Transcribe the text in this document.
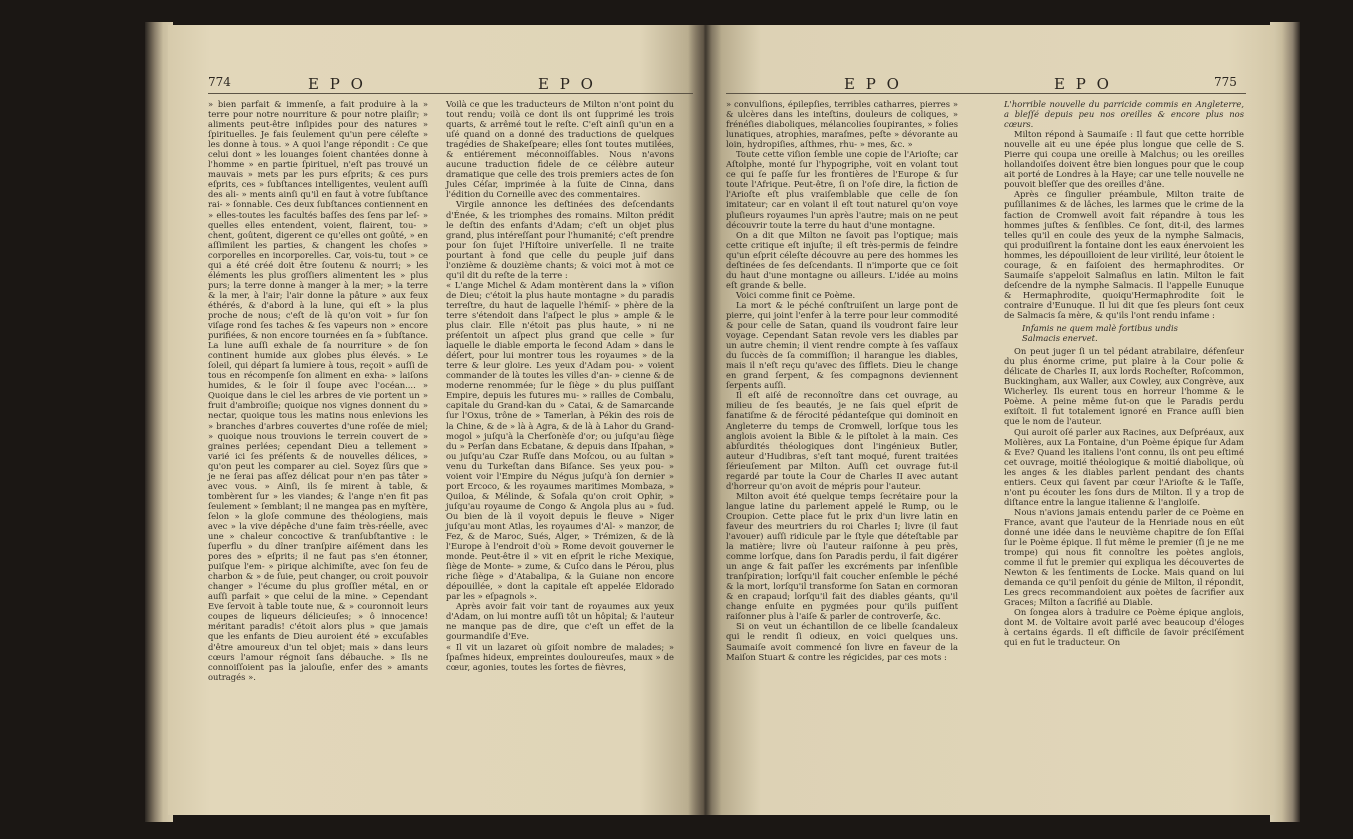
774	E P O	E P O

» bien parfait & immenſe, a fait produire à la » terre pour notre nourriture & pour notre plaiſir; » aliments peut-être inſipides pour des natures » ſpirituelles. Je fais ſeulement qu'un pere céleſte » les donne à tous. » A quoi l'ange répondit : Ce que celui dont » les louanges ſoient chantées donne à l'homme » en partie ſpirituel, n'eſt pas trouvé un mauvais » mets par les purs eſprits; & ces purs eſprits, ces » ſubſtances intelligentes, veulent auſſi des ali- » ments ainſi qu'il en faut à votre ſubſtance rai- » ſonnable. Ces deux ſubſtances contiennent en » elles-toutes les facultés baſſes des ſens par leſ- » quelles elles entendent, voient, flairent, tou- » chent, goûtent, digerent ce qu'elles ont goûté, » en aſſimilent les parties, & changent les choſes » corporelles en incorporelles. Car, vois-tu, tout » ce qui a été créé doit être ſoutenu & nourri; » les éléments les plus groſſiers alimentent les » plus purs; la terre donne à manger à la mer; » la terre & la mer, à l'air; l'air donne la pâture » aux feux éthérés, & d'abord à la lune, qui eſt » la plus proche de nous; c'eſt de là qu'on voit » ſur ſon viſage rond ſes taches & ſes vapeurs non » encore purifiées, & non encore tournées en ſa » ſubſtance. La lune auſſi exhale de ſa nourriture » de ſon continent humide aux globes plus élevés. » Le ſoleil, qui départ ſa lumiere à tous, reçoit » auſſi de tous en récompenſe ſon aliment en exha- » laiſons humides, & le ſoir il ſoupe avec l'océan.... » Quoique dans le ciel les arbres de vie portent un » fruit d'ambroiſie; quoique nos vignes donnent du » nectar, quoique tous les matins nous enlevions les » branches d'arbres couvertes d'une roſée de miel; » quoique nous trouvions le terrein couvert de » graines perlées; cependant Dieu a tellement » varié ici ſes préſents & de nouvelles délices, » qu'on peut les comparer au ciel. Soyez ſûrs que » je ne ſerai pas aſſez délicat pour n'en pas tâter » avec vous. » Ainſi, ils ſe mirent à table, & tombèrent ſur » les viandes; & l'ange n'en fit pas ſeulement » ſemblant; il ne mangea pas en myſtère, ſelon » la gloſe commune des théologiens, mais avec » la vive dépêche d'une faim très-réelle, avec une » chaleur concoctive & tranſubſtantive : le ſuperflu » du dîner tranſpire aiſément dans les pores des » eſprits; il ne faut pas s'en étonner, puiſque l'em- » pirique alchimiſte, avec ſon feu de charbon & » de ſuie, peut changer, ou croit pouvoir changer » l'écume du plus groſſier métal, en or auſſi parfait » que celui de la mine. » Cependant Eve ſervoit à table toute nue, & » couronnoit leurs coupes de liqueurs délicieuſes; » ô innocence! méritant paradis! c'étoit alors plus » que jamais que les enfants de Dieu auroient été » excuſables d'être amoureux d'un tel objet; mais » dans leurs cœurs l'amour régnoit ſans débauche. » Ils ne connoiſſoient pas la jalouſie, enfer des » amants outragés ».

Voilà ce que les traducteurs de Milton n'ont point du tout rendu; voilà ce dont ils ont ſupprimé les trois quarts, & arrêmé tout le reſte. C'eſt ainſi qu'un en a uſé quand on a donné des traductions de quelques tragédies de Shakeſpeare; elles ſont toutes mutilées, & entiérement méconnoiſſables. Nous n'avons aucune traduction fidele de ce célèbre auteur dramatique que celle des trois premiers actes de ſon Jules Céſar, imprimée à la ſuite de Cinna, dans l'édition du Corneille avec des commentaires.

Virgile annonce les deſtinées des deſcendants d'Énée, & les triomphes des romains. Milton prédit le deſtin des enfants d'Adam; c'eſt un objet plus grand, plus intéreſſant pour l'humanité; c'eſt prendre pour ſon ſujet l'Hiſtoire univerſelle. Il ne traite pourtant à fond que celle du peuple juif dans l'onzième & douzième chants; & voici mot à mot ce qu'il dit du reſte de la terre :

« L'ange Michel & Adam montèrent dans la » viſion de Dieu; c'étoit la plus haute montagne » du paradis terreſtre, du haut de laquelle l'hémiſ- » phère de la terre s'étendoit dans l'aſpect le plus » ample & le plus clair. Elle n'étoit pas plus haute, » ni ne préſentoit un aſpect plus grand que celle » ſur laquelle le diable emporta le ſecond Adam » dans le déſert, pour lui montrer tous les royaumes » de la terre & leur gloire. Les yeux d'Adam pou- » voient commander de là toutes les villes d'an- » cienne & de moderne renommée; ſur le ſiège » du plus puiſſant Empire, depuis les futures mu- » railles de Combalu, capitale du Grand-kan du » Catai, & de Samarcande ſur l'Oxus, trône de » Tamerlan, à Pékin des rois de la Chine, & de » là à Agra, & de là à Lahor du Grand-mogol » juſqu'à la Cherſonèſe d'or; ou juſqu'au ſiège du » Perſan dans Ecbatane, & depuis dans Iſpahan, » ou juſqu'au Czar Ruſſe dans Moſcou, ou au ſultan » venu du Turkeſtan dans Biſance. Ses yeux pou- » voient voir l'Empire du Négus juſqu'à ſon dernier » port Ercoco, & les royaumes maritimes Mombaza, » Quiloa, & Mélinde, & Sofala qu'on croit Ophir, » juſqu'au royaume de Congo & Angola plus au » ſud. Ou bien de là il voyoit depuis le fleuve » Niger juſqu'au mont Atlas, les royaumes d'Al- » manzor, de Fez, & de Maroc, Sués, Alger, » Trémizen, & de là l'Europe à l'endroit d'où » Rome devoit gouverner le monde. Peut-être il » vit en eſprit le riche Mexique, ſiège de Monte- » zume, & Cuſco dans le Pérou, plus riche ſiège » d'Atabalipa, & la Guiane non encore dépouillée, » dont la capitale eſt appelée Eldorado par les » eſpagnols ».

Après avoir fait voir tant de royaumes aux yeux d'Adam, on lui montre auſſi tôt un hôpital; & l'auteur ne manque pas de dire, que c'eſt un effet de la gourmandiſe d'Eve.

« Il vit un lazaret où giſoit nombre de malades; » ſpaſmes hideux, empreintes douloureuſes, maux » de cœur, agonies, toutes les ſortes de fièvres,

E P O	E P O	775

» convulſions, épilepſies, terribles catharres, pierres » & ulcères dans les inteſtins, douleurs de coliques, » frénéſies diaboliques, mélancolies ſoupirantes, » folies lunatiques, atrophies, maraſmes, peſte » dévorante au loin, hydropiſies, aſthmes, rhu- » mes, &c. »

Toute cette viſion ſemble une copie de l'Arioſte; car Aſtolphe, monté ſur l'hypogriphe, voit en volant tout ce qui ſe paſſe ſur les frontières de l'Europe & ſur toute l'Afrique. Peut-être, ſi on l'oſe dire, la fiction de l'Arioſte eſt plus vraiſemblable que celle de ſon imitateur; car en volant il eſt tout naturel qu'on voye pluſieurs royaumes l'un après l'autre; mais on ne peut découvrir toute la terre du haut d'une montagne.

On a dit que Milton ne ſavoit pas l'optique; mais cette critique eſt injuſte; il eſt très-permis de feindre qu'un eſprit céleſte découvre au pere des hommes les deſtinées de ſes deſcendants. Il n'importe que ce ſoit du haut d'une montagne ou ailleurs. L'idée au moins eſt grande & belle.

Voici comme finit ce Poème.

La mort & le péché conſtruiſent un large pont de pierre, qui joint l'enfer à la terre pour leur commodité & pour celle de Satan, quand ils voudront faire leur voyage. Cependant Satan revole vers les diables par un autre chemin; il vient rendre compte à ſes vaſſaux du ſuccès de ſa commiſſion; il harangue les diables, mais il n'eſt reçu qu'avec des ſifflets. Dieu le change en grand ſerpent, & ſes compagnons deviennent ſerpents auſſi.

Il eſt aiſé de reconnoître dans cet ouvrage, au milieu de ſes beautés, je ne ſais quel eſprit de fanatiſme & de férocité pédanteſque qui dominoit en Angleterre du temps de Cromwell, lorſque tous les anglois avoient la Bible & le piſtolet à la main. Ces abſurdités théologiques dont l'ingénieux Butler, auteur d'Hudibras, s'eſt tant moqué, furent traitées ſérieuſement par Milton. Auſſi cet ouvrage fut-il regardé par toute la Cour de Charles II avec autant d'horreur qu'on avoit de mépris pour l'auteur.

Milton avoit été quelque temps ſecrétaire pour la langue latine du parlement appelé le Rump, ou le Croupion. Cette place fut le prix d'un livre latin en faveur des meurtriers du roi Charles I; livre (il faut l'avouer) auſſi ridicule par le ſtyle que déteſtable par la matière; livre où l'auteur raiſonne à peu près, comme lorſque, dans ſon Paradis perdu, il fait digérer un ange & fait paſſer les excréments par inſenſible tranſpiration; lorſqu'il fait coucher enſemble le péché & la mort, lorſqu'il transforme ſon Satan en cormoran & en crapaud; lorſqu'il fait des diables géants, qu'il change enſuite en pygmées pour qu'ils puiſſent raiſonner plus à l'aiſe & parler de controverſe, &c.

Si on veut un échantillon de ce libelle ſcandaleux qui le rendit ſi odieux, en voici quelques uns. Saumaiſe avoit commencé ſon livre en faveur de la Maiſon Stuart & contre les régicides, par ces mots :

L'horrible nouvelle du parricide commis en Angleterre, a bleſſé depuis peu nos oreilles & encore plus nos cœurs.

Milton répond à Saumaiſe : Il faut que cette horrible nouvelle ait eu une épée plus longue que celle de S. Pierre qui coupa une oreille à Malchus; ou les oreilles hollandoiſes doivent être bien longues pour que le coup ait porté de Londres à la Haye; car une telle nouvelle ne pouvoit bleſſer que des oreilles d'âne.

Après ce ſingulier préambule, Milton traite de puſillanimes & de lâches, les larmes que le crime de la faction de Cromwell avoit fait répandre à tous les hommes juſtes & ſenſibles. Ce ſont, dit-il, des larmes telles qu'il en coule des yeux de la nymphe Salmacis, qui produiſirent la fontaine dont les eaux énervoient les hommes, les dépouilloient de leur virilité, leur ôtoient le courage, & en faiſoient des hermaphrodites. Or Saumaiſe s'appeloit Salmaſius en latin. Milton le fait deſcendre de la nymphe Salmacis. Il l'appelle Eunuque & Hermaphrodite, quoiqu'Hermaphrodite ſoit le contraire d'Eunuque. Il lui dit que ſes pleurs ſont ceux de Salmacis ſa mère, & qu'ils l'ont rendu infame :

Infamis ne quem malè fortibus undis

Salmacis enervet.

On peut juger ſi un tel pédant atrabilaire, défenſeur du plus énorme crime, put plaire à la Cour polie & délicate de Charles II, aux lords Rocheſter, Roſcommon, Buckingham, aux Waller, aux Cowley, aux Congrève, aux Wicherley. Ils eurent tous en horreur l'homme & le Poème. A peine même ſut-on que le Paradis perdu exiſtoit. Il fut totalement ignoré en France auſſi bien que le nom de l'auteur.

Qui auroit oſé parler aux Racines, aux Deſpréaux, aux Molières, aux La Fontaine, d'un Poème épique ſur Adam & Eve? Quand les italiens l'ont connu, ils ont peu eſtimé cet ouvrage, moitié théologique & moitié diabolique, où les anges & les diables parlent pendant des chants entiers. Ceux qui ſavent par cœur l'Arioſte & le Taſſe, n'ont pu écouter les ſons durs de Milton. Il y a trop de diſtance entre la langue italienne & l'angloiſe.

Nous n'avions jamais entendu parler de ce Poème en France, avant que l'auteur de la Henriade nous en eût donné une idée dans le neuvième chapitre de ſon Eſſai ſur le Poème épique. Il fut même le premier (ſi je ne me trompe) qui nous fit connoître les poètes anglois, comme il fut le premier qui expliqua les découvertes de Newton & les ſentiments de Locke. Mais quand on lui demanda ce qu'il penſoit du génie de Milton, il répondit, Les grecs recommandoient aux poètes de ſacrifier aux Graces; Milton a ſacrifié au Diable.

On ſongea alors à traduire ce Poème épique anglois, dont M. de Voltaire avoit parlé avec beaucoup d'éloges à certains égards. Il eſt difficile de ſavoir préciſément qui en fut le traducteur. On
